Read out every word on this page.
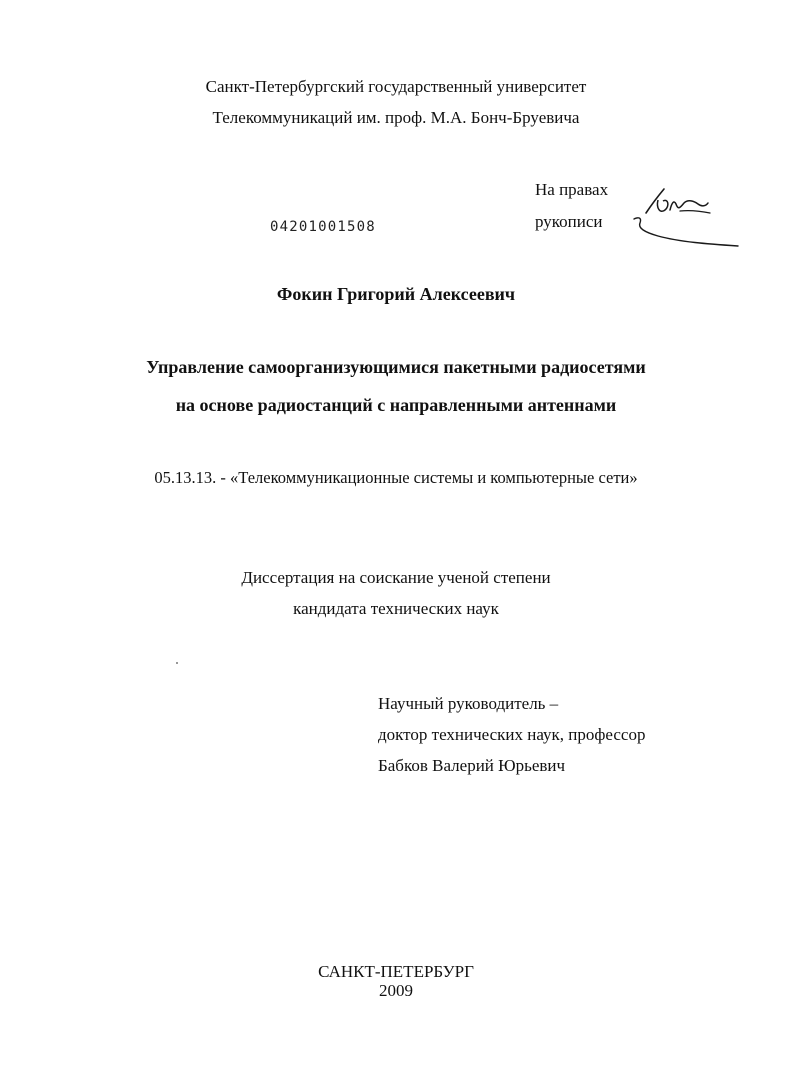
Санкт-Петербургский государственный университет
Телекоммуникаций им. проф. М.А. Бонч-Бруевича
На правах
рукописи
04201001508
Фокин Григорий Алексеевич
Управление самоорганизующимися пакетными радиосетями
на основе радиостанций с направленными антеннами
05.13.13. - «Телекоммуникационные системы и компьютерные сети»
Диссертация на соискание ученой степени
кандидата технических наук
Научный руководитель –
доктор технических наук, профессор
Бабков Валерий Юрьевич
САНКТ-ПЕТЕРБУРГ
2009
